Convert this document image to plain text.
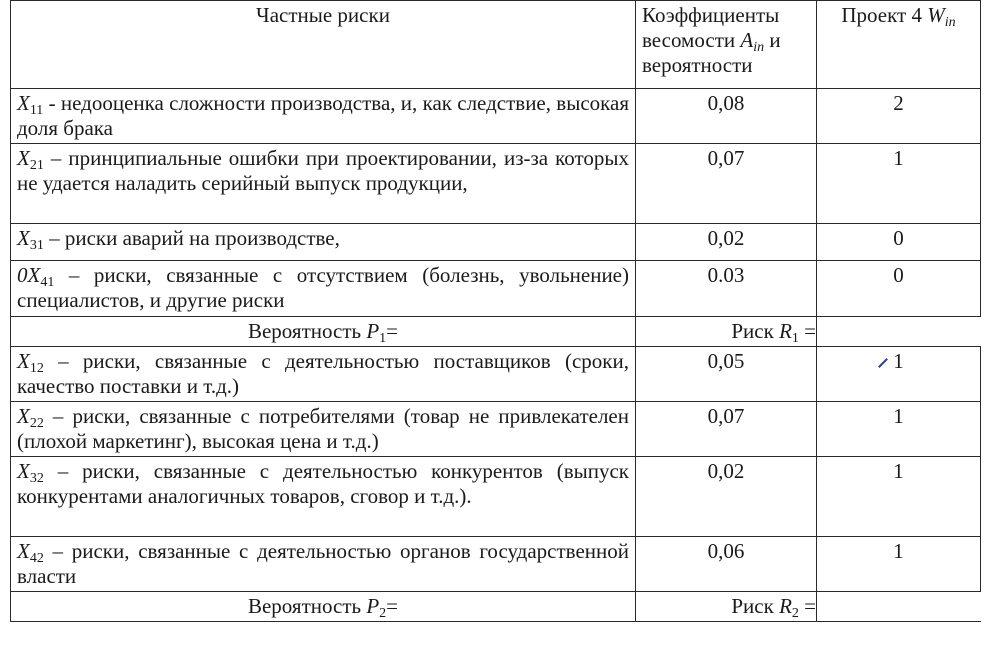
Частные риски	Коэффициенты
весомости $A_{in}$ и
вероятности	Проект 4 $W_{in}$
$X_{11}$ - недооценка сложности производства, и, как следствие, высокая доля брака	0,08	2
$X_{21}$ – принципиальные ошибки при проектировании, из-за которых не удается наладить серийный выпуск продукции,	0,07	1
$X_{31}$ – риски аварий на производстве,	0,02	0
$0X_{41}$ – риски, связанные с отсутствием (болезнь, увольнение) специалистов, и другие риски	0.03	0
Вероятность $P_1=$	Риск $R_1$ =	
$X_{12}$ – риски, связанные с деятельностью поставщиков (сроки, качество поставки и т.д.)	0,05	1
$X_{22}$ – риски, связанные с потребителями (товар не привлекателен (плохой маркетинг), высокая цена и т.д.)	0,07	1
$X_{32}$ – риски, связанные с деятельностью конкурентов (выпуск конкурентами аналогичных товаров, сговор и т.д.).	0,02	1
$X_{42}$ – риски, связанные с деятельностью органов государственной власти	0,06	1
Вероятность $P_2=$	Риск $R_2$ =	
